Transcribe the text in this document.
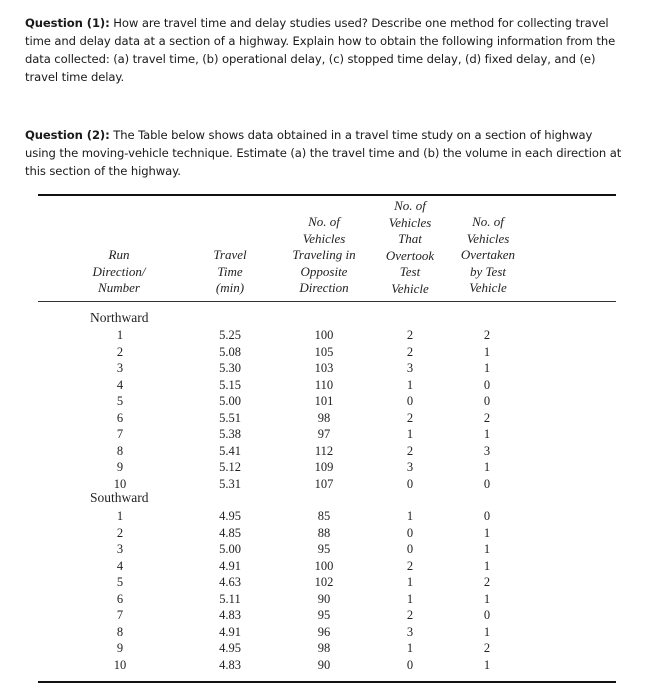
Question (1): How are travel time and delay studies used? Describe one method for collecting travel time and delay data at a section of a highway. Explain how to obtain the following information from the data collected: (a) travel time, (b) operational delay, (c) stopped time delay, (d) fixed delay, and (e) travel time delay.
Question (2): The Table below shows data obtained in a travel time study on a section of highway using the moving-vehicle technique. Estimate (a) the travel time and (b) the volume in each direction at this section of the highway.
Run
Direction/
Number
Travel
Time
(min)
No. of
Vehicles
Traveling in
Opposite
Direction
No. of
Vehicles
That
Overtook
Test
Vehicle
No. of
Vehicles
Overtaken
by Test
Vehicle
Northward
1
2
3
4
5
6
7
8
9
10
5.25
5.08
5.30
5.15
5.00
5.51
5.38
5.41
5.12
5.31
100
105
103
110
101
98
97
112
109
107
2
2
3
1
0
2
1
2
3
0
2
1
1
0
0
2
1
3
1
0
Southward
1
2
3
4
5
6
7
8
9
10
4.95
4.85
5.00
4.91
4.63
5.11
4.83
4.91
4.95
4.83
85
88
95
100
102
90
95
96
98
90
1
0
0
2
1
1
2
3
1
0
0
1
1
1
2
1
0
1
2
1
